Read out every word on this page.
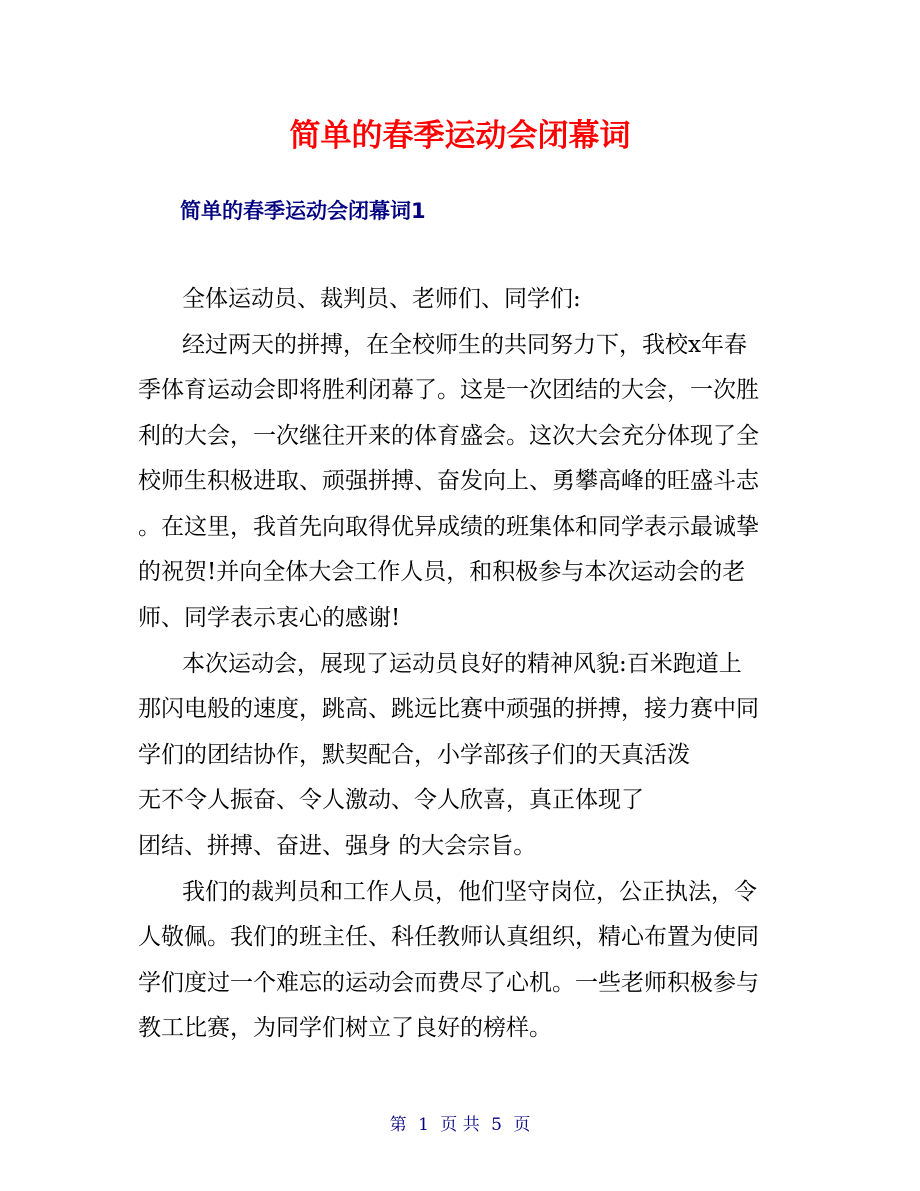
简单的春季运动会闭幕词
简单的春季运动会闭幕词1
全体运动员、裁判员、老师们、同学们:
经过两天的拼搏，在全校师生的共同努力下，我校x年春
季体育运动会即将胜利闭幕了。这是一次团结的大会，一次胜
利的大会，一次继往开来的体育盛会。这次大会充分体现了全
校师生积极进取、顽强拼搏、奋发向上、勇攀高峰的旺盛斗志
。在这里，我首先向取得优异成绩的班集体和同学表示最诚挚
的祝贺!并向全体大会工作人员，和积极参与本次运动会的老
师、同学表示衷心的感谢!
本次运动会，展现了运动员良好的精神风貌:百米跑道上
那闪电般的速度，跳高、跳远比赛中顽强的拼搏，接力赛中同
学们的团结协作，默契配合，小学部孩子们的天真活泼
无不令人振奋、令人激动、令人欣喜，真正体现了
团结、拼搏、奋进、强身 的大会宗旨。
我们的裁判员和工作人员，他们坚守岗位，公正执法，令
人敬佩。我们的班主任、科任教师认真组织，精心布置为使同
学们度过一个难忘的运动会而费尽了心机。一些老师积极参与
教工比赛，为同学们树立了良好的榜样。
第 1 页 共 5 页
